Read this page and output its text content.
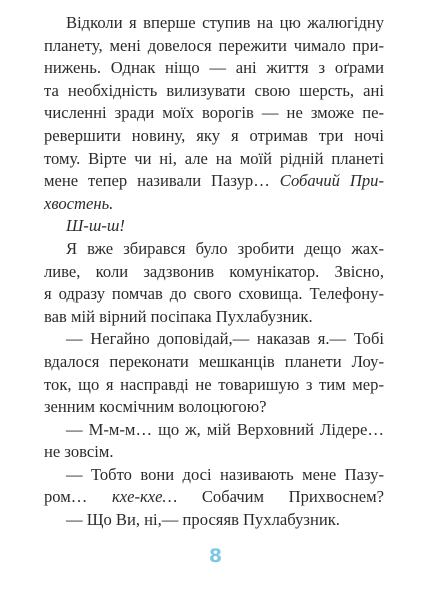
Відколи я вперше ступив на цю жалюгідну
планету, мені довелося пережити чимало при-
нижень. Однак ніщо — ані життя з оґрами
та необхідність вилизувати свою шерсть, ані
численні зради моїх ворогів — не зможе пе-
ревершити новину, яку я отримав три ночі
тому. Вірте чи ні, але на моїй рідній планеті
мене тепер називали Пазур… Собачий При-
хвостень.
Ш-ш-ш!
Я вже збирався було зробити дещо жах-
ливе, коли задзвонив комунікатор. Звісно,
я одразу помчав до свого сховища. Телефону-
вав мій вірний посіпака Пухлабузник.
— Негайно доповідай,— наказав я.— Тобі
вдалося переконати мешканців планети Лоу-
ток, що я насправді не товаришую з тим мер-
зенним космічним волоцюгою?
— М-м-м… що ж, мій Верховний Лідере…
не зовсім.
— Тобто вони досі називають мене Пазу-
ром… кхе-кхе… Собачим Прихвоснем?
— Що Ви, ні,— просяяв Пухлабузник.
8
